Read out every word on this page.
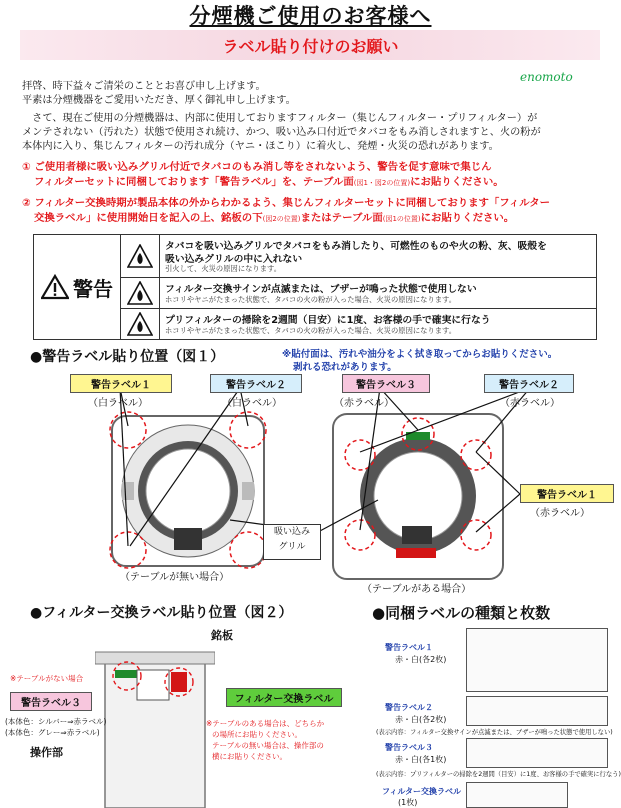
分煙機ご使用のお客様へ
ラベル貼り付けのお願い
enomoto
拝啓、時下益々ご清栄のこととお喜び申し上げます。
平素は分煙機器をご愛用いただき、厚く御礼申し上げます。
　さて、現在ご使用の分煙機器は、内部に使用しておりますフィルター（集じんフィルター・プリフィルター）が
メンテされない（汚れた）状態で使用され続け、かつ、吸い込み口付近でタバコをもみ消しされますと、火の粉が
本体内に入り、集じんフィルターの汚れ成分（ヤニ・ほこり）に着火し、発煙・火災の恐れがあります。
① ご使用者様に吸い込みグリル付近でタバコのもみ消し等をされないよう、警告を促す意味で集じん
フィルターセットに同梱しております「警告ラベル」を、テーブル面(図1・図2の位置)にお貼りください。
② フィルター交換時期が製品本体の外からわかるよう、集じんフィルターセットに同梱しております「フィルター
交換ラベル」に使用開始日を記入の上、銘板の下(図2の位置)またはテーブル面(図1の位置)にお貼りください。
警告
タバコを吸い込みグリルでタバコをもみ消したり、可燃性のものや火の粉、灰、吸殻を
吸い込みグリルの中に入れない
引火して、火災の原因になります。
フィルター交換サインが点滅または、ブザーが鳴った状態で使用しない
ホコリやヤニがたまった状態で、タバコの火の粉が入った場合、火災の原因になります。
プリフィルターの掃除を2週間（目安）に1度、お客様の手で確実に行なう
ホコリやヤニがたまった状態で、タバコの火の粉が入った場合、火災の原因になります。
●警告ラベル貼り位置（図１）	※貼付面は、汚れや油分をよく拭き取ってからお貼りください。
剥れる恐れがあります。
警告ラベル１
（白ラベル）
警告ラベル２
（白ラベル）
警告ラベル３
（赤ラベル）
警告ラベル２
（赤ラベル）
警告ラベル１
（赤ラベル）
吸い込み
グリル
（テーブルが無い場合）
（テーブルがある場合）
●フィルター交換ラベル貼り位置（図２）
銘板
※テーブルがない場合
警告ラベル３
(本体色：シルバー⇒赤ラベル)
(本体色：グレー⇒赤ラベル)
操作部
フィルター交換ラベル
※テーブルのある場合は、どちらか
の場所にお貼りください。
テーブルの無い場合は、操作部の
横にお貼りください。
●同梱ラベルの種類と枚数
警告ラベル１
赤・白(各2枚)
警告ラベル２
赤・白(各2枚)
(表示内容：フィルター交換サインが点滅または、ブザーが鳴った状態で使用しない)
警告ラベル３
赤・白(各1枚)
(表示内容：プリフィルターの掃除を2週間（目安）に1度、お客様の手で確実に行なう)
フィルター交換ラベル
(1枚)
